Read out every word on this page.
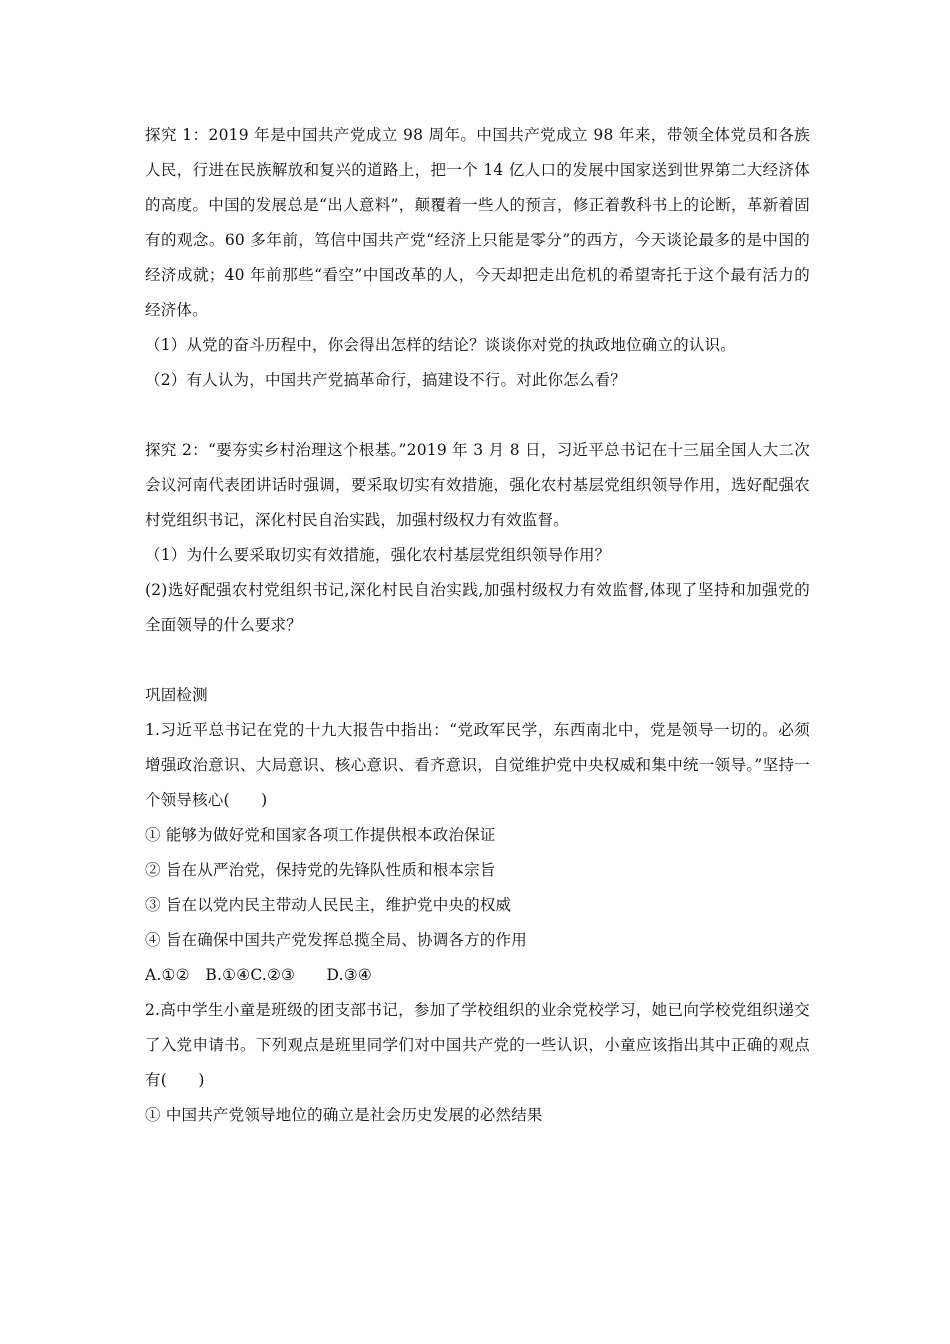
探究 1：2019 年是中国共产党成立 98 周年。中国共产党成立 98 年来，带领全体党员和各族人民，行进在民族解放和复兴的道路上，把一个 14 亿人口的发展中国家送到世界第二大经济体的高度。中国的发展总是“出人意料”，颠覆着一些人的预言，修正着教科书上的论断，革新着固有的观念。60 多年前，笃信中国共产党“经济上只能是零分”的西方，今天谈论最多的是中国的经济成就；40 年前那些“看空”中国改革的人，今天却把走出危机的希望寄托于这个最有活力的经济体。

（1）从党的奋斗历程中，你会得出怎样的结论？谈谈你对党的执政地位确立的认识。

（2）有人认为，中国共产党搞革命行，搞建设不行。对此你怎么看？

探究 2：“要夯实乡村治理这个根基。”2019 年 3 月 8 日，习近平总书记在十三届全国人大二次会议河南代表团讲话时强调，要采取切实有效措施，强化农村基层党组织领导作用，选好配强农村党组织书记，深化村民自治实践，加强村级权力有效监督。

（1）为什么要采取切实有效措施，强化农村基层党组织领导作用？

(2)选好配强农村党组织书记,深化村民自治实践,加强村级权力有效监督,体现了坚持和加强党的全面领导的什么要求？

巩固检测

1.习近平总书记在党的十九大报告中指出：“党政军民学，东西南北中，党是领导一切的。必须增强政治意识、大局意识、核心意识、看齐意识，自觉维护党中央权威和集中统一领导。”坚持一个领导核心(　　)

① 能够为做好党和国家各项工作提供根本政治保证

② 旨在从严治党，保持党的先锋队性质和根本宗旨

③ 旨在以党内民主带动人民民主，维护党中央的权威

④ 旨在确保中国共产党发挥总揽全局、协调各方的作用

A.①②　B.①④C.②③　　D.③④

2.高中学生小童是班级的团支部书记，参加了学校组织的业余党校学习，她已向学校党组织递交了入党申请书。下列观点是班里同学们对中国共产党的一些认识，小童应该指出其中正确的观点有(　　)

① 中国共产党领导地位的确立是社会历史发展的必然结果
